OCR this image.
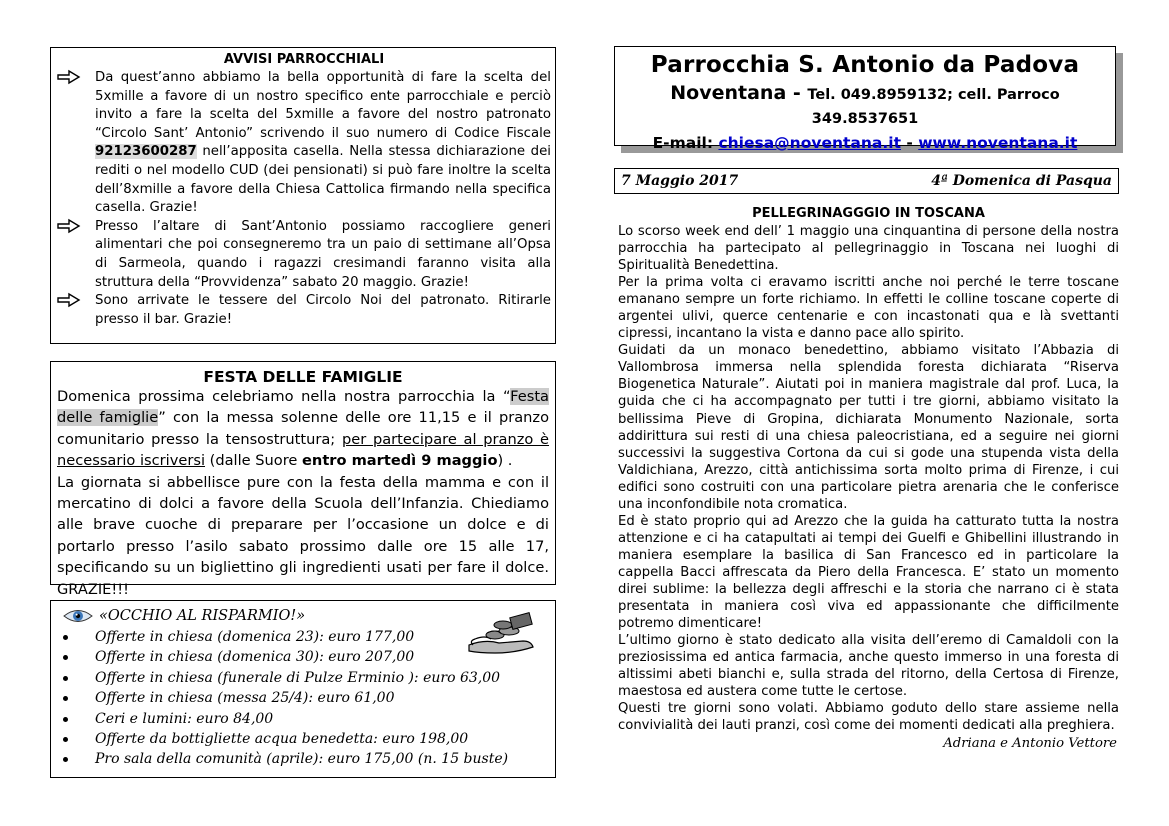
AVVISI PARROCCHIALI
Da quest’anno abbiamo la bella opportunità di fare la scelta del 5xmille a favore di un nostro specifico ente parrocchiale e perciò invito a fare la scelta del 5xmille a favore del nostro patronato “Circolo Sant’ Antonio” scrivendo il suo numero di Codice Fiscale 92123600287 nell’apposita casella. Nella stessa dichiarazione dei rediti o nel modello CUD (dei pensionati) si può fare inoltre la scelta dell’8xmille a favore della Chiesa Cattolica firmando nella specifica casella. Grazie!
Presso l’altare di Sant’Antonio possiamo raccogliere generi alimentari che poi consegneremo tra un paio di settimane all’Opsa di Sarmeola, quando i ragazzi cresimandi faranno visita alla struttura della “Provvidenza” sabato 20 maggio. Grazie!
Sono arrivate le tessere del Circolo Noi del patronato. Ritirarle presso il bar. Grazie!
FESTA DELLE FAMIGLIE

Domenica prossima celebriamo nella nostra parrocchia la “Festa delle famiglie” con la messa solenne delle ore 11,15 e il pranzo comunitario presso la tensostruttura; per partecipare al pranzo è necessario iscriversi (dalle Suore entro martedì 9 maggio) .

La giornata si abbellisce pure con la festa della mamma e con il mercatino di dolci a favore della Scuola dell’Infanzia. Chiediamo alle brave cuoche di preparare per l’occasione un dolce e di portarlo presso l’asilo sabato prossimo dalle ore 15 alle 17, specificando su un bigliettino gli ingredienti usati per fare il dolce. GRAZIE!!!

«OCCHIO AL RISPARMIO!»
Offerte in chiesa (domenica 23): euro 177,00
Offerte in chiesa (domenica 30): euro 207,00
Offerte in chiesa (funerale di Pulze Erminio ): euro 63,00
Offerte in chiesa (messa 25/4): euro 61,00
Ceri e lumini: euro 84,00
Offerte da bottigliette acqua benedetta: euro 198,00
Pro sala della comunità (aprile): euro 175,00 (n. 15 buste)
Parrocchia S. Antonio da Padova
Noventana - Tel. 049.8959132; cell. Parroco 349.8537651
E-mail: chiesa@noventana.it - www.noventana.it
7 Maggio 2017	4ª Domenica di Pasqua
PELLEGRINAGGGIO IN TOSCANA

Lo scorso week end dell’ 1 maggio una cinquantina di persone della nostra parrocchia ha partecipato al pellegrinaggio in Toscana nei luoghi di Spiritualità Benedettina.

Per la prima volta ci eravamo iscritti anche noi perché le terre toscane emanano sempre un forte richiamo. In effetti le colline toscane coperte di argentei ulivi, querce centenarie e con incastonati qua e là svettanti cipressi, incantano la vista e danno pace allo spirito.

Guidati da un monaco benedettino, abbiamo visitato l’Abbazia di Vallombrosa immersa nella splendida foresta dichiarata “Riserva Biogenetica Naturale”. Aiutati poi in maniera magistrale dal prof. Luca, la guida che ci ha accompagnato per tutti i tre giorni, abbiamo visitato la bellissima Pieve di Gropina, dichiarata Monumento Nazionale, sorta addirittura sui resti di una chiesa paleocristiana, ed a seguire nei giorni successivi la suggestiva Cortona da cui si gode una stupenda vista della Valdichiana, Arezzo, città antichissima sorta molto prima di Firenze, i cui edifici sono costruiti con una particolare pietra arenaria che le conferisce una inconfondibile nota cromatica.

Ed è stato proprio qui ad Arezzo che la guida ha catturato tutta la nostra attenzione e ci ha catapultati ai tempi dei Guelfi e Ghibellini illustrando in maniera esemplare la basilica di San Francesco ed in particolare la cappella Bacci affrescata da Piero della Francesca. E’ stato un momento direi sublime: la bellezza degli affreschi e la storia che narrano ci è stata presentata in maniera così viva ed appassionante che difficilmente potremo dimenticare!

L’ultimo giorno è stato dedicato alla visita dell’eremo di Camaldoli con la preziosissima ed antica farmacia, anche questo immerso in una foresta di altissimi abeti bianchi e, sulla strada del ritorno, della Certosa di Firenze, maestosa ed austera come tutte le certose.

Questi tre giorni sono volati. Abbiamo goduto dello stare assieme nella convivialità dei lauti pranzi, così come dei momenti dedicati alla preghiera.

Adriana e Antonio Vettore
